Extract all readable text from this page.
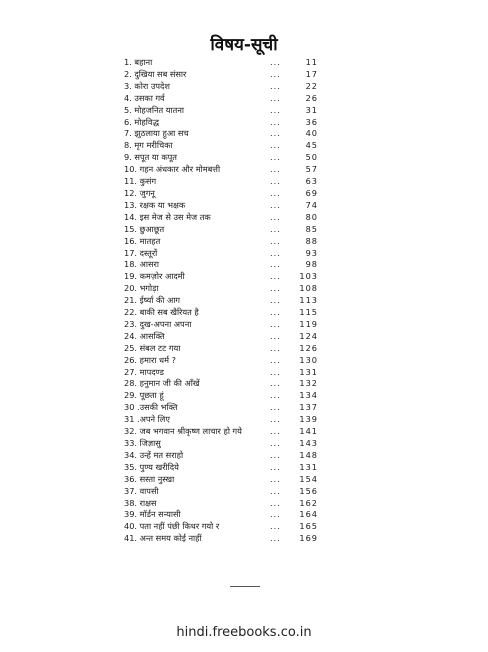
विषय-सूची
1. बहाना	...	11
2. दुखिया सब संसार	...	17
3. कोरा उपदेश	...	22
4. उसका गर्व	...	26
5. मोहजनित यातना	...	31
6. मोहविद्ध	...	36
7. झुठलाया हुआ सच	...	40
8. मृग मरीचिका	...	45
9. सपूत या कपूत	...	50
10. गहन अंधकार और मोमबत्ती	...	57
11. कुसंग	...	63
12. जुगनू	...	69
13. रक्षक या भक्षक	...	74
14. इस मेज से उस मेज तक	...	80
15. छुआछूत	...	85
16. मातहत	...	88
17. दस्तूरों	...	93
18. आसरा	...	98
19. कमज़ोर आदमी	...	103
20. भगोड़ा	...	108
21. ईर्ष्या की आग	...	113
22. बाकी सब खैरियत है	...	115
23. दुख-अपना अपना	...	119
24. आसक्ति	...	124
25. संबल टट गया	...	126
26. हमारा धर्म ?	...	130
27. मापदण्ड	...	131
28. हनुमान जी की आँखें	...	132
29. पूछता हूं	...	134
30 .उसकी भक्ति	...	137
31 .अपने लिए	...	139
32. जब भगवान श्रीकृष्ण लाचार हो गये	...	141
33. जिज्ञासु	...	143
34. उन्हें मत सराहो	...	148
35. पुण्य खरीदिये	...	131
36. सस्ता नुस्खा	...	154
37. वापसी	...	156
38. राक्षस	...	162
39. मॉर्डन सन्यासी	...	164
40. पता नहीं पंछी किधर गयो र	...	165
41. अन्त समय कोई नाहीं	...	169
hindi.freebooks.co.in
